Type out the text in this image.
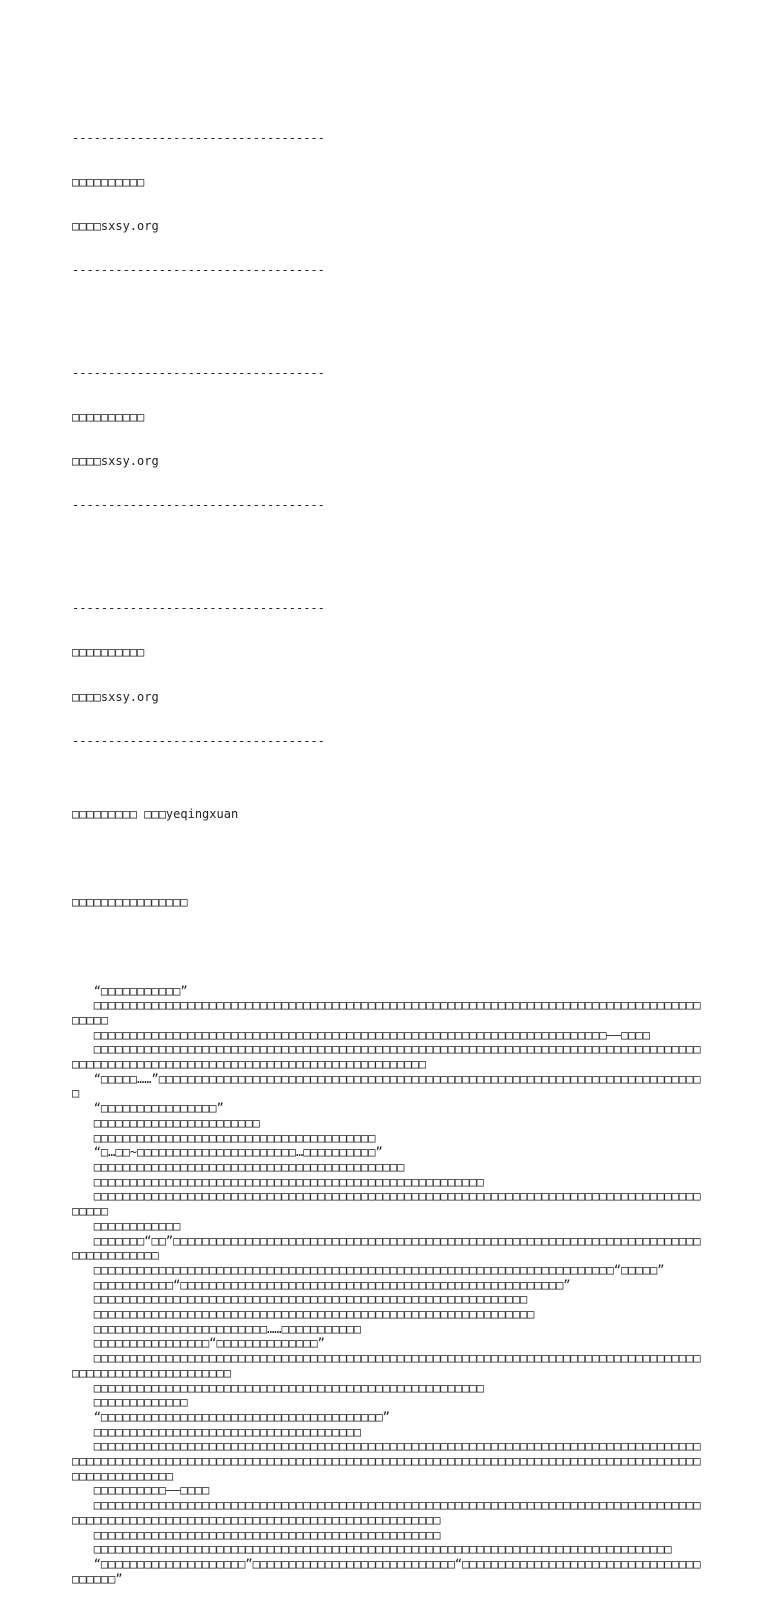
-----------------------------------

□□□□□□□□□□

□□□□sxsy.org

-----------------------------------

-----------------------------------

□□□□□□□□□□

□□□□sxsy.org

-----------------------------------

-----------------------------------

□□□□□□□□□□

□□□□sxsy.org

-----------------------------------

□□□□□□□□□ □□□yeqingxuan

□□□□□□□□□□□□□□□□

“□□□□□□□□□□□”
□□□□□□□□□□□□□□□□□□□□□□□□□□□□□□□□□□□□□□□□□□□□□□□□□□□□□□□□□□□□□□□□□□□□□□□□□□□□□□□□□□□□□□□□□
□□□□□□□□□□□□□□□□□□□□□□□□□□□□□□□□□□□□□□□□□□□□□□□□□□□□□□□□□□□□□□□□□□□□□□□——□□□□
□□□□□□□□□□□□□□□□□□□□□□□□□□□□□□□□□□□□□□□□□□□□□□□□□□□□□□□□□□□□□□□□□□□□□□□□□□□□□□□□□□□□□□□□□□□□□□□□□□□□□□□□□□□□□□□□□□□□□□□□□□□□□□□□□□□□□
“□□□□□……”□□□□□□□□□□□□□□□□□□□□□□□□□□□□□□□□□□□□□□□□□□□□□□□□□□□□□□□□□□□□□□□□□□□□□□□□□□□□
“□□□□□□□□□□□□□□□□”
□□□□□□□□□□□□□□□□□□□□□□□
□□□□□□□□□□□□□□□□□□□□□□□□□□□□□□□□□□□□□□□
“□…□□~□□□□□□□□□□□□□□□□□□□□□□…□□□□□□□□□□”
□□□□□□□□□□□□□□□□□□□□□□□□□□□□□□□□□□□□□□□□□□□
□□□□□□□□□□□□□□□□□□□□□□□□□□□□□□□□□□□□□□□□□□□□□□□□□□□□□□
□□□□□□□□□□□□□□□□□□□□□□□□□□□□□□□□□□□□□□□□□□□□□□□□□□□□□□□□□□□□□□□□□□□□□□□□□□□□□□□□□□□□□□□□□
□□□□□□□□□□□□
□□□□□□□“□□”□□□□□□□□□□□□□□□□□□□□□□□□□□□□□□□□□□□□□□□□□□□□□□□□□□□□□□□□□□□□□□□□□□□□□□□□□□□□□□□□□□□□□
□□□□□□□□□□□□□□□□□□□□□□□□□□□□□□□□□□□□□□□□□□□□□□□□□□□□□□□□□□□□□□□□□□□□□□□□“□□□□□”
□□□□□□□□□□□“□□□□□□□□□□□□□□□□□□□□□□□□□□□□□□□□□□□□□□□□□□□□□□□□□□□□□”
□□□□□□□□□□□□□□□□□□□□□□□□□□□□□□□□□□□□□□□□□□□□□□□□□□□□□□□□□□□□
□□□□□□□□□□□□□□□□□□□□□□□□□□□□□□□□□□□□□□□□□□□□□□□□□□□□□□□□□□□□□
□□□□□□□□□□□□□□□□□□□□□□□□……□□□□□□□□□□□
□□□□□□□□□□□□□□□□“□□□□□□□□□□□□□□”
□□□□□□□□□□□□□□□□□□□□□□□□□□□□□□□□□□□□□□□□□□□□□□□□□□□□□□□□□□□□□□□□□□□□□□□□□□□□□□□□□□□□□□□□□□□□□□□□□□□□□□□□□□
□□□□□□□□□□□□□□□□□□□□□□□□□□□□□□□□□□□□□□□□□□□□□□□□□□□□□□
□□□□□□□□□□□□□
“□□□□□□□□□□□□□□□□□□□□□□□□□□□□□□□□□□□□□□□”
□□□□□□□□□□□□□□□□□□□□□□□□□□□□□□□□□□□□□
□□□□□□□□□□□□□□□□□□□□□□□□□□□□□□□□□□□□□□□□□□□□□□□□□□□□□□□□□□□□□□□□□□□□□□□□□□□□□□□□□□□□□□□□□□□□□□□□□□□□□□□□□□□□□□□□□□□□□□□□□□□□□□□□□□□□□□□□□□□□□□□□□□□□□□□□□□□□□□□□□□□□□□□□□□□□□□□□□□□□□□□□□
□□□□□□□□□□——□□□□
□□□□□□□□□□□□□□□□□□□□□□□□□□□□□□□□□□□□□□□□□□□□□□□□□□□□□□□□□□□□□□□□□□□□□□□□□□□□□□□□□□□□□□□□□□□□□□□□□□□□□□□□□□□□□□□□□□□□□□□□□□□□□□□□□□□□□□□
□□□□□□□□□□□□□□□□□□□□□□□□□□□□□□□□□□□□□□□□□□□□□□□□
□□□□□□□□□□□□□□□□□□□□□□□□□□□□□□□□□□□□□□□□□□□□□□□□□□□□□□□□□□□□□□□□□□□□□□□□□□□□□□□□
“□□□□□□□□□□□□□□□□□□□□”□□□□□□□□□□□□□□□□□□□□□□□□□□□□“□□□□□□□□□□□□□□□□□□□□□□□□□□□□□□□□□□□□□□□”
